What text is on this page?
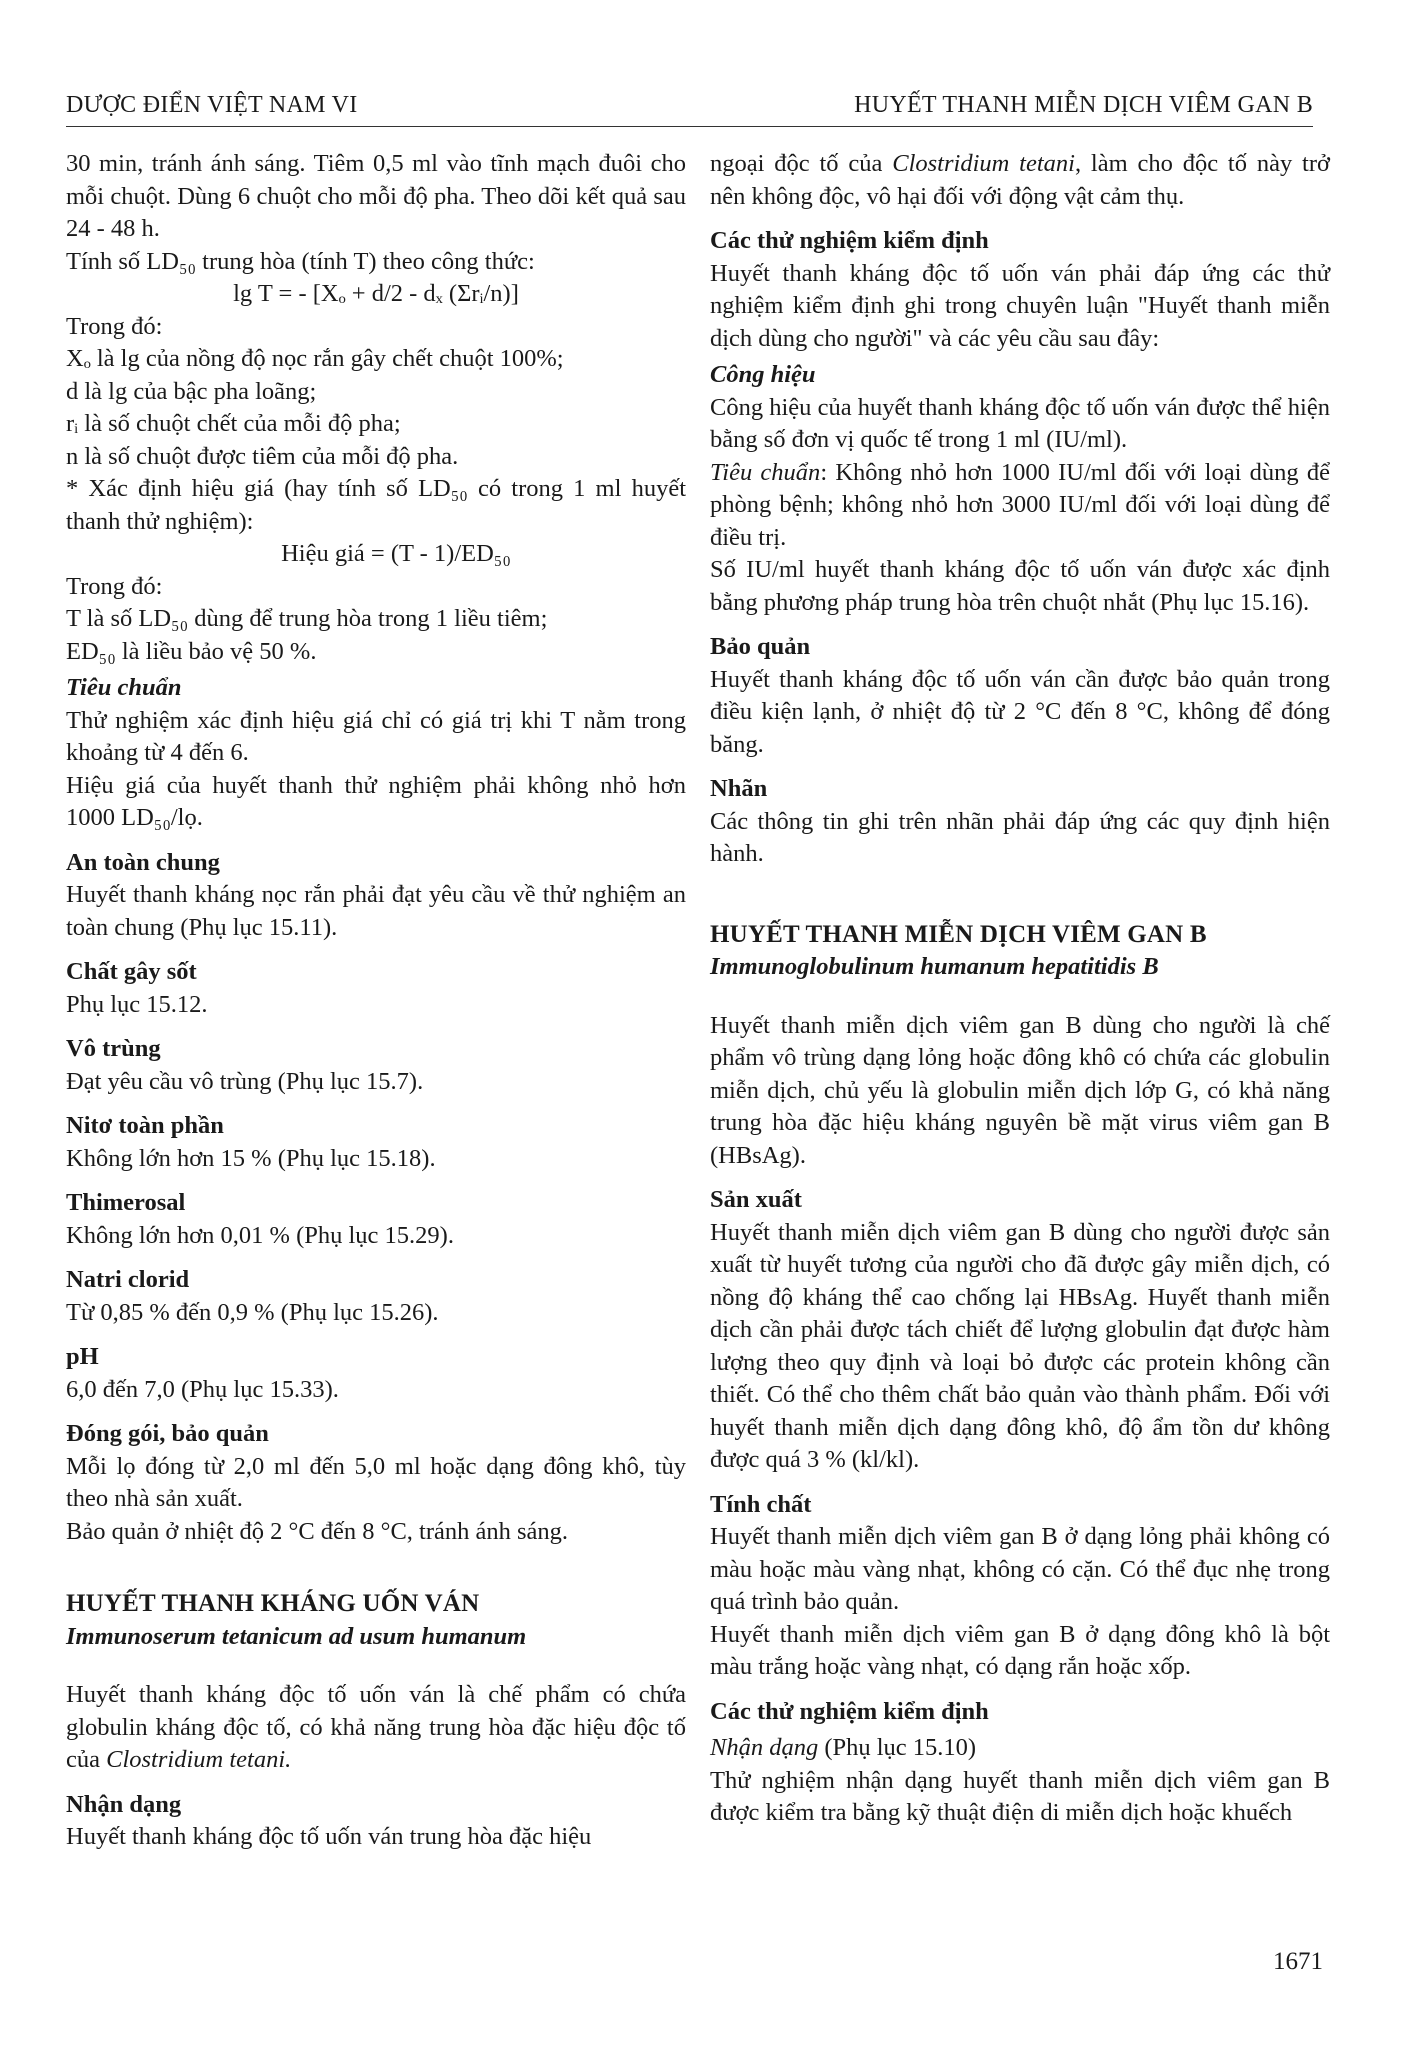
DƯỢC ĐIỂN VIỆT NAM VI	HUYẾT THANH MIỄN DỊCH VIÊM GAN B

30 min, tránh ánh sáng. Tiêm 0,5 ml vào tĩnh mạch đuôi cho mỗi chuột. Dùng 6 chuột cho mỗi độ pha. Theo dõi kết quả sau 24 - 48 h.

Tính số LD₅₀ trung hòa (tính T) theo công thức:

lg T = - [Xₒ + d/2 - dₓ (Σrᵢ/n)]

Trong đó:

Xₒ là lg của nồng độ nọc rắn gây chết chuột 100%;

d là lg của bậc pha loãng;

rᵢ là số chuột chết của mỗi độ pha;

n là số chuột được tiêm của mỗi độ pha.

* Xác định hiệu giá (hay tính số LD₅₀ có trong 1 ml huyết thanh thử nghiệm):

Hiệu giá = (T - 1)/ED₅₀

Trong đó:

T là số LD₅₀ dùng để trung hòa trong 1 liều tiêm;

ED₅₀ là liều bảo vệ 50 %.

Tiêu chuẩn

Thử nghiệm xác định hiệu giá chỉ có giá trị khi T nằm trong khoảng từ 4 đến 6.

Hiệu giá của huyết thanh thử nghiệm phải không nhỏ hơn 1000 LD₅₀/lọ.

An toàn chung

Huyết thanh kháng nọc rắn phải đạt yêu cầu về thử nghiệm an toàn chung (Phụ lục 15.11).

Chất gây sốt

Phụ lục 15.12.

Vô trùng

Đạt yêu cầu vô trùng (Phụ lục 15.7).

Nitơ toàn phần

Không lớn hơn 15 % (Phụ lục 15.18).

Thimerosal

Không lớn hơn 0,01 % (Phụ lục 15.29).

Natri clorid

Từ 0,85 % đến 0,9 % (Phụ lục 15.26).

pH

6,0 đến 7,0 (Phụ lục 15.33).

Đóng gói, bảo quản

Mỗi lọ đóng từ 2,0 ml đến 5,0 ml hoặc dạng đông khô, tùy theo nhà sản xuất.

Bảo quản ở nhiệt độ 2 °C đến 8 °C, tránh ánh sáng.

HUYẾT THANH KHÁNG UỐN VÁN

Immunoserum tetanicum ad usum humanum

Huyết thanh kháng độc tố uốn ván là chế phẩm có chứa globulin kháng độc tố, có khả năng trung hòa đặc hiệu độc tố của Clostridium tetani.

Nhận dạng

Huyết thanh kháng độc tố uốn ván trung hòa đặc hiệu

ngoại độc tố của Clostridium tetani, làm cho độc tố này trở nên không độc, vô hại đối với động vật cảm thụ.

Các thử nghiệm kiểm định

Huyết thanh kháng độc tố uốn ván phải đáp ứng các thử nghiệm kiểm định ghi trong chuyên luận "Huyết thanh miễn dịch dùng cho người" và các yêu cầu sau đây:

Công hiệu

Công hiệu của huyết thanh kháng độc tố uốn ván được thể hiện bằng số đơn vị quốc tế trong 1 ml (IU/ml).

Tiêu chuẩn: Không nhỏ hơn 1000 IU/ml đối với loại dùng để phòng bệnh; không nhỏ hơn 3000 IU/ml đối với loại dùng để điều trị.

Số IU/ml huyết thanh kháng độc tố uốn ván được xác định bằng phương pháp trung hòa trên chuột nhắt (Phụ lục 15.16).

Bảo quản

Huyết thanh kháng độc tố uốn ván cần được bảo quản trong điều kiện lạnh, ở nhiệt độ từ 2 °C đến 8 °C, không để đóng băng.

Nhãn

Các thông tin ghi trên nhãn phải đáp ứng các quy định hiện hành.

HUYẾT THANH MIỄN DỊCH VIÊM GAN B

Immunoglobulinum humanum hepatitidis B

Huyết thanh miễn dịch viêm gan B dùng cho người là chế phẩm vô trùng dạng lỏng hoặc đông khô có chứa các globulin miễn dịch, chủ yếu là globulin miễn dịch lớp G, có khả năng trung hòa đặc hiệu kháng nguyên bề mặt virus viêm gan B (HBsAg).

Sản xuất

Huyết thanh miễn dịch viêm gan B dùng cho người được sản xuất từ huyết tương của người cho đã được gây miễn dịch, có nồng độ kháng thể cao chống lại HBsAg. Huyết thanh miễn dịch cần phải được tách chiết để lượng globulin đạt được hàm lượng theo quy định và loại bỏ được các protein không cần thiết. Có thể cho thêm chất bảo quản vào thành phẩm. Đối với huyết thanh miễn dịch dạng đông khô, độ ẩm tồn dư không được quá 3 % (kl/kl).

Tính chất

Huyết thanh miễn dịch viêm gan B ở dạng lỏng phải không có màu hoặc màu vàng nhạt, không có cặn. Có thể đục nhẹ trong quá trình bảo quản.

Huyết thanh miễn dịch viêm gan B ở dạng đông khô là bột màu trắng hoặc vàng nhạt, có dạng rắn hoặc xốp.

Các thử nghiệm kiểm định

Nhận dạng (Phụ lục 15.10)

Thử nghiệm nhận dạng huyết thanh miễn dịch viêm gan B được kiểm tra bằng kỹ thuật điện di miễn dịch hoặc khuếch

1671
